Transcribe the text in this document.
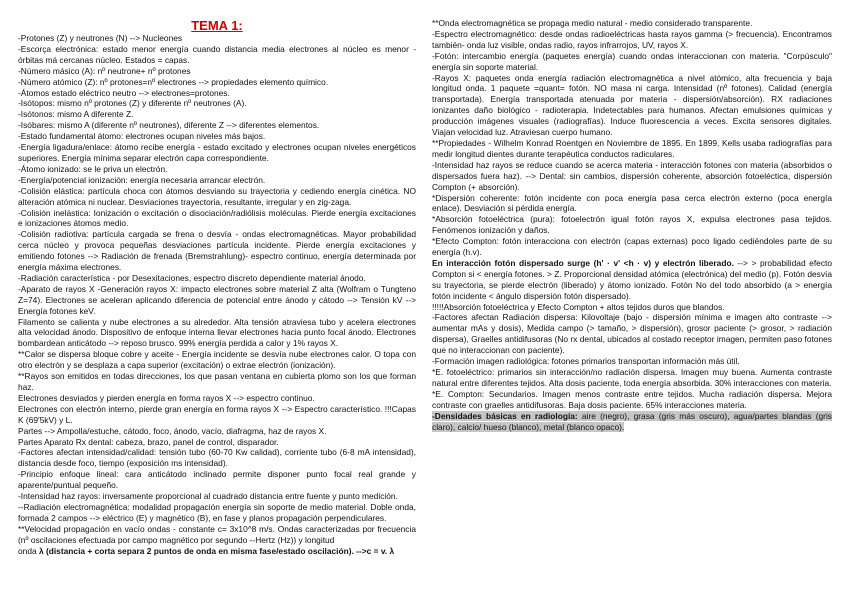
TEMA 1:

-Protones (Z) y neutrones (N) --> Nucleones

-Escorça electrónica: estado menor energía cuando distancia media electrones al núcleo es menor - órbitas má cercanas núcleo. Estados = capas.

-Número másico (A): nº neutrone+ nº protones

-Número atómico (Z): nº protones=nº electrones --> propiedades elemento químico.

-Átomos estado eléctrico neutro --> electrones=protones.

-Isótopos: mismo nº protones (Z) y diferente nº neutrones (A).

-Isótonos: mismo A diferente Z.

-Isóbares: mismo A (diferente nº neutrones), diferente Z --> diferentes elementos.

-Estado fundamental átomo: electrones ocupan niveles más bajos.

-Energía ligadura/enlace: átomo recibe energía - estado excitado y electrones ocupan niveles energéticos superiores. Energía mínima separar electrón capa correspondiente.

-Átomo ionizado: se le priva un electrón.

-Energía/potencial ionización: energía necesaria arrancar electrón.

-Colisión elástica: partícula choca con átomos desviando su trayectoria y cediendo energía cinética. NO alteración atómica ni nuclear. Desviaciones trayectoria, resultante, irregular y en zig-zaga.

-Colisión inelástica: Ionización o excitación o disociación/radiólisis moléculas. Pierde energía excitaciones e ionizaciones átomos medio.

-Colisión radiotiva: partícula cargada se frena o desvía - ondas electromagnéticas. Mayor probabilidad cerca núcleo y provoca pequeñas desviaciones partícula incidente. Pierde energía excitaciones y emitiendo fotones --> Radiación de frenada (Bremstrahlung)- espectro continuo, energía determinada por energía máxima electrones.

-Radiación característica - por Desexitaciones, espectro discreto dependiente material ánodo.

-Aparato de rayos X -Generación rayos X: impacto electrones sobre material Z alta (Wolfram o Tungteno Z=74). Electrones se aceleran aplicando diferencia de potencial entre ánodo y cátodo --> Tensión kV --> Energía fotones keV.

Filamento se calienta y nube electrones a su alrededor. Alta tensión atraviesa tubo y acelera electrones alta velocidad ánodo. Dispositivo de enfoque interna llevar electrones hacia punto focal ánodo. Electrones bombardean anticátodo --> reposo brusco. 99% energía perdida a calor y 1% rayos X.

**Calor se dispersa bloque cobre y aceite - Energía incidente se desvía nube electrones calor. O topa con otro electrón y se desplaza a capa superior (excitación) o extrae electrón (ionización).

**Rayos son emitidos en todas direcciones, los que pasan ventana en cubierta plomo son los que forman haz.

Electrones desviados y pierden energía en forma rayos X --> espectro continuo.

Electrones con electrón interno, pierde gran energía en forma rayos X --> Espectro característico. !!!Capas K (69'5kV) y L.

Partes --> Ampolla/estuche, cátodo, foco, ánodo, vacío, diafragma, haz de rayos X.

Partes Aparato Rx dental: cabeza, brazo, panel de control, disparador.

-Factores afectan intensidad/calidad: tensión tubo (60-70 Kw calidad), corriente tubo (6-8 mA intensidad), distancia desde foco, tiempo (exposición ms intensidad).

-Principio enfoque lineal: cara anticátodo inclinado permite disponer punto focal real grande y aparente/puntual pequeño.

-Intensidad haz rayos: inversamente proporcional al cuadrado distancia entre fuente y punto medición.

--Radiación electromagnética: modalidad propagación energía sin soporte de medio material. Doble onda, formada 2 campos --> eléctrico (E) y magnético (B), en fase y planos propagación perpendiculares.

**Velocidad propagación en vacío ondas - constante c= 3x10^8 m/s. Ondas caracterizadas por frecuencia (nº oscilaciones efectuada por campo magnético por segundo --Hertz (Hz)) y longitud

onda λ (distancia + corta separa 2 puntos de onda en misma fase/estado oscilación). -->c = v. λ

**Onda electromagnética se propaga medio natural - medio considerado transparente.

-Espectro electromagnético: desde ondas radioeléctricas hasta rayos gamma (> frecuencia). Encontramos también- onda luz visible, ondas radio, rayos infrarrojos, UV, rayos X.

-Fotón: intercambio energía (paquetes energía) cuando ondas interaccionan con materia. "Corpúsculo" energía sin soporte material.

-Rayos X: paquetes onda energía radiación electromagnética a nivel atómico, alta frecuencia y baja longitud onda. 1 paquete =quant= fotón. NO masa ni carga. Intensidad (nº fotones). Calidad (energía transportada). Energía transportada atenuada por materia - dispersión/absorción). RX radiaciones ionizantes daño biológico - radioterapia. Indetectables para humanos. Afectan emulsiones químicas y producción imágenes visuales (radiografías). Induce fluorescencia a veces. Excita sensores digitales. Viajan velocidad luz. Atraviesan cuerpo humano.

**Propiedades - Wilhelm Konrad Roentgen en Noviembre de 1895. En 1899, Kells usaba radiografías para medir longitud dientes durante terapéutica conductos radiculares.

-Intensidad haz rayos se reduce cuando se acerca materia - interacción fotones con materia (absorbidos o dispersados fuera haz). --> Dental: sin cambios, dispersión coherente, absorción fotoeléctica, dispersión Compton (+ absorción).

*Dispersión coherente: fotón incidente con poca energía pasa cerca electrón externo (poca energía enlace). Desviación si pérdida energía.

*Absorción fotoeléctrica (pura): fotoelectrón igual fotón rayos X, expulsa electrones pasa tejidos. Fenómenos ionización y daños.

*Efecto Compton: fotón interacciona con electrón (capas externas) poco ligado cediéndoles parte de su energía (h.v).

En interacción fotón dispersado surge (h' · v' <h · v) y electrón liberado. --> > probabilidad efecto Compton si < energía fotones. > Z. Proporcional densidad atómica (electrónica) del medio (p). Fotón desvía su trayectoria, se pierde electrón (liberado) y átomo ionizado. Fotón No del todo absorbido (a > energía fotón incidente < ángulo dispersión fotón dispersado).

!!!!!Absorción fotoeléctrica y Efecto Compton + altos tejidos duros que blandos.

-Factores afectan Radiación dispersa: Kilovoltaje (bajo - dispersión mínima e imagen alto contraste --> aumentar mAs y dosis), Medida campo (> tamaño, > dispersión), grosor paciente (> grosor, > radiación dispersa), Graelles antidifusoras (No rx dental, ubicados al costado receptor imagen, permiten paso fotones que no interaccionan con paciente).

-Formación imagen radiológica: fotones primarios transportan información más útil.

*E. fotoeléctrico: primarios sin interacción/no radiación dispersa. Imagen muy buena. Aumenta contraste natural entre diferentes tejidos. Alta dosis paciente, toda energía absorbida. 30% interacciones con materia.

*E. Compton: Secundarios. Imagen menos contraste entre tejidos. Mucha radiación dispersa. Mejora contraste con graelles antidifusoras. Baja dosis paciente. 65% interacciones materia.

-Densidades básicas en radiología: aire (negro), grasa (gris más oscuro), agua/partes blandas (gris claro), calcio/ hueso (blanco), metal (blanco opaco).
